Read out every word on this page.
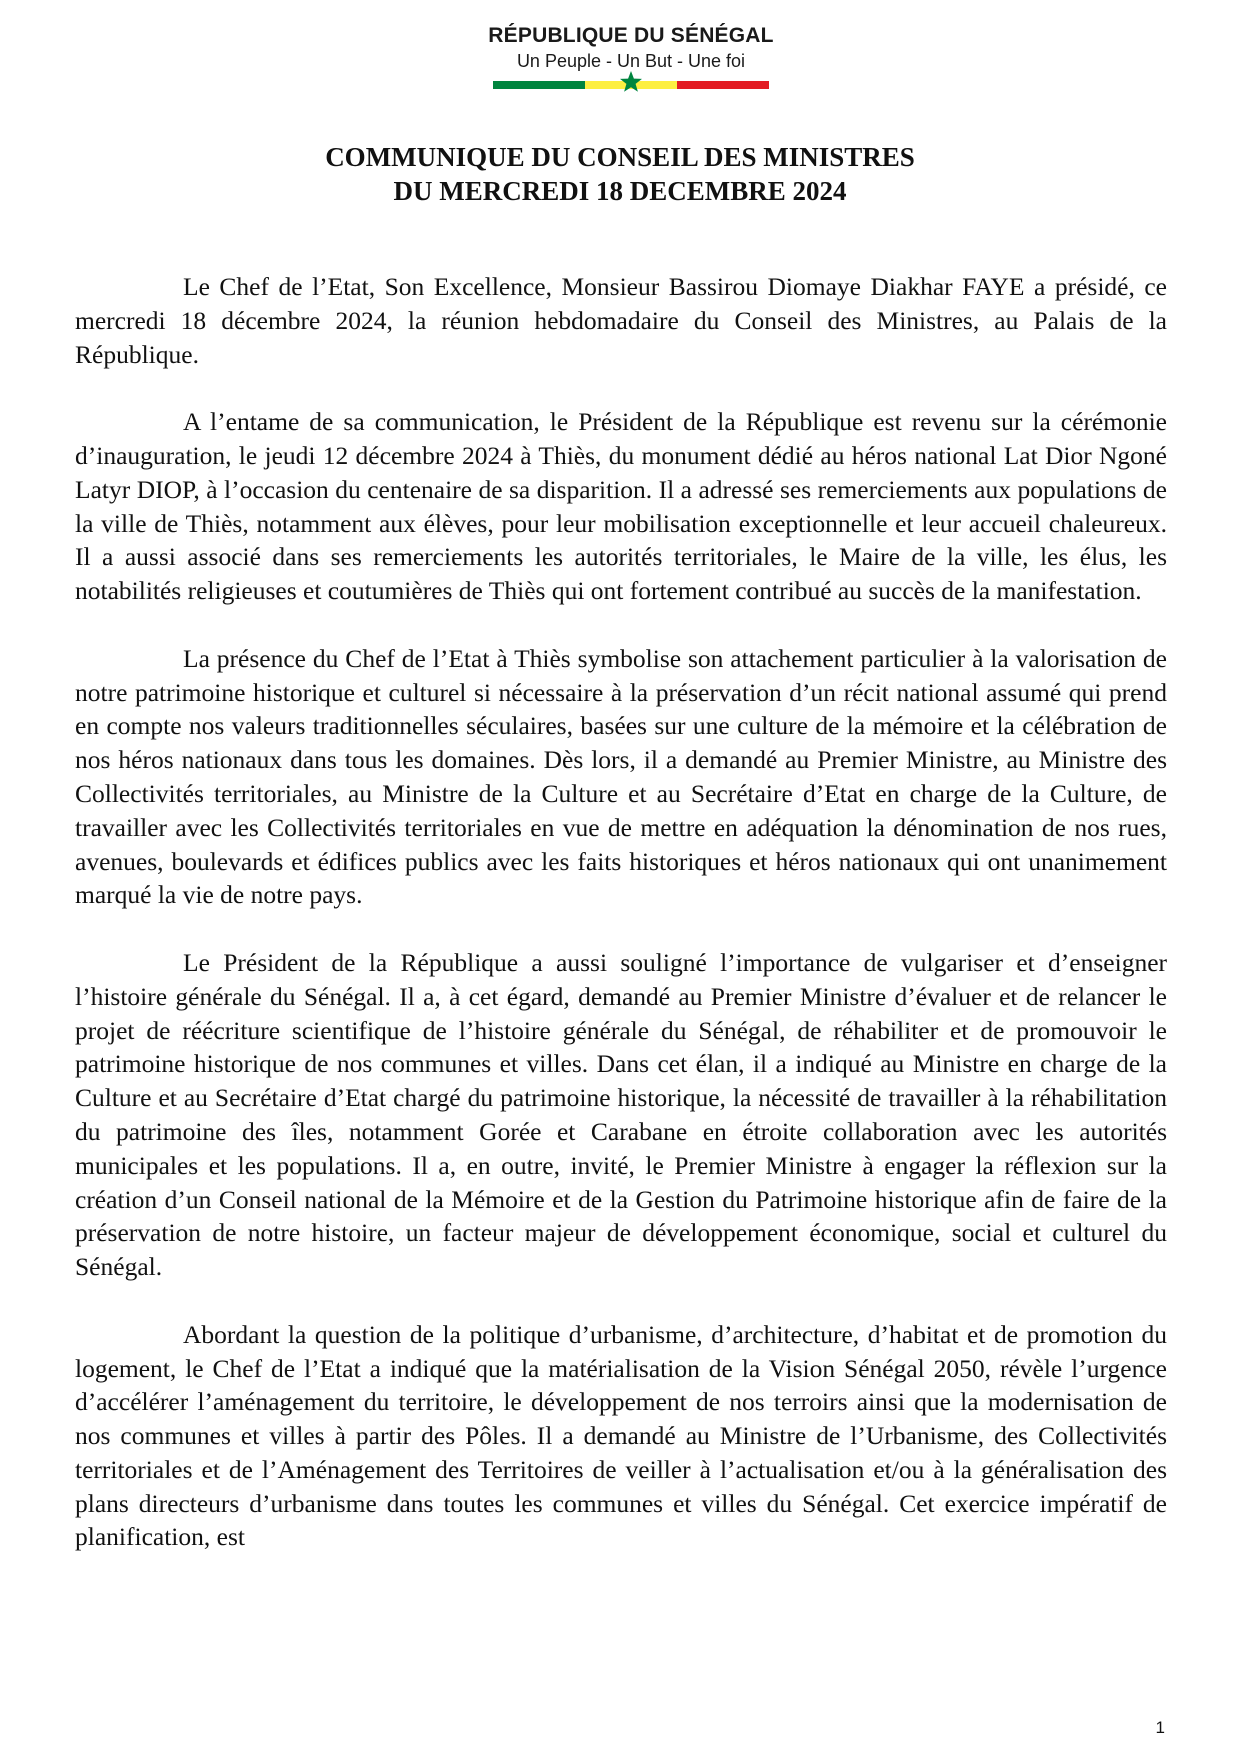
RÉPUBLIQUE DU SÉNÉGAL
Un Peuple - Un But - Une foi
COMMUNIQUE DU CONSEIL DES MINISTRES
DU MERCREDI 18 DECEMBRE 2024

Le Chef de l’Etat, Son Excellence, Monsieur Bassirou Diomaye Diakhar FAYE a présidé, ce mercredi 18 décembre 2024, la réunion hebdomadaire du Conseil des Ministres, au Palais de la République.

A l’entame de sa communication, le Président de la République est revenu sur la cérémonie d’inauguration, le jeudi 12 décembre 2024 à Thiès, du monument dédié au héros national Lat Dior Ngoné Latyr DIOP, à l’occasion du centenaire de sa disparition. Il a adressé ses remerciements aux populations de la ville de Thiès, notamment aux élèves, pour leur mobilisation exceptionnelle et leur accueil chaleureux. Il a aussi associé dans ses remerciements les autorités territoriales, le Maire de la ville, les élus, les notabilités religieuses et coutumières de Thiès qui ont fortement contribué au succès de la manifestation.

La présence du Chef de l’Etat à Thiès symbolise son attachement particulier à la valorisation de notre patrimoine historique et culturel si nécessaire à la préservation d’un récit national assumé qui prend en compte nos valeurs traditionnelles séculaires, basées sur une culture de la mémoire et la célébration de nos héros nationaux dans tous les domaines. Dès lors, il a demandé au Premier Ministre, au Ministre des Collectivités territoriales, au Ministre de la Culture et au Secrétaire d’Etat en charge de la Culture, de travailler avec les Collectivités territoriales en vue de mettre en adéquation la dénomination de nos rues, avenues, boulevards et édifices publics avec les faits historiques et héros nationaux qui ont unanimement marqué la vie de notre pays.

Le Président de la République a aussi souligné l’importance de vulgariser et d’enseigner l’histoire générale du Sénégal. Il a, à cet égard, demandé au Premier Ministre d’évaluer et de relancer le projet de réécriture scientifique de l’histoire générale du Sénégal, de réhabiliter et de promouvoir le patrimoine historique de nos communes et villes. Dans cet élan, il a indiqué au Ministre en charge de la Culture et au Secrétaire d’Etat chargé du patrimoine historique, la nécessité de travailler à la réhabilitation du patrimoine des îles, notamment Gorée et Carabane en étroite collaboration avec les autorités municipales et les populations. Il a, en outre, invité, le Premier Ministre à engager la réflexion sur la création d’un Conseil national de la Mémoire et de la Gestion du Patrimoine historique afin de faire de la préservation de notre histoire, un facteur majeur de développement économique, social et culturel du Sénégal.

Abordant la question de la politique d’urbanisme, d’architecture, d’habitat et de promotion du logement, le Chef de l’Etat a indiqué que la matérialisation de la Vision Sénégal 2050, révèle l’urgence d’accélérer l’aménagement du territoire, le développement de nos terroirs ainsi que la modernisation de nos communes et villes à partir des Pôles. Il a demandé au Ministre de l’Urbanisme, des Collectivités territoriales et de l’Aménagement des Territoires de veiller à l’actualisation et/ou à la généralisation des plans directeurs d’urbanisme dans toutes les communes et villes du Sénégal. Cet exercice impératif de planification, est

1
